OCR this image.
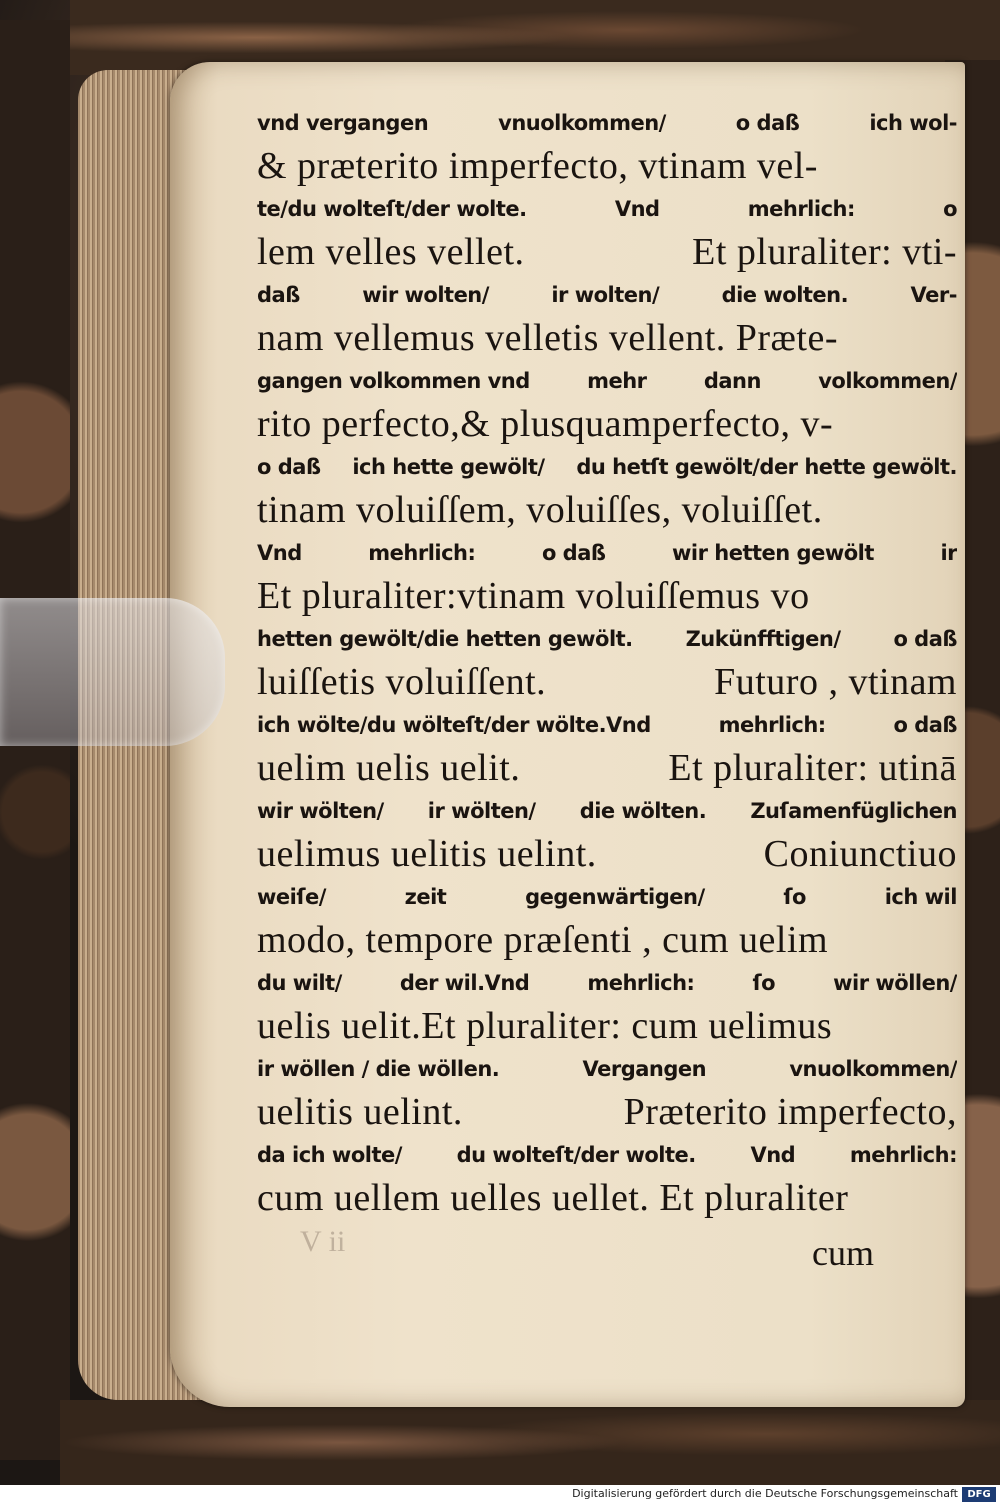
vnd vergangen	vnuolkommen/	o daß	ich wol-
& præterito imperfecto, vtinam vel-
te/du wolteſt/der wolte.	Vnd	mehrlich:	o
lem velles vellet.	Et pluraliter: vti-
daß	wir wolten/	ir wolten/	die wolten.	Ver-
nam vellemus velletis vellent. Præte-
gangen volkommen vnd	mehr	dann	volkommen/
rito perfecto,& plusquamperfecto, v-
o daß ich hette gewölt/ du hetſt gewölt/der hette gewölt.
tinam voluiſſem, voluiſſes, voluiſſet.
Vnd	mehrlich:	o daß	wir hetten gewölt	ir
Et pluraliter:vtinam voluiſſemus vo
hetten gewölt/die hetten gewölt.	Zukünfftigen/	o daß
luiſſetis voluiſſent.	Futuro , vtinam
ich wölte/du wölteſt/der wölte.Vnd	mehrlich:	o daß
uelim uelis uelit.	Et pluraliter: utinā
wir wölten/ ir wölten/ die wölten. Zuſamenfüglichen
uelimus uelitis uelint.	Coniunctiuo
weiſe/	zeit	gegenwärtigen/	ſo	ich wil
modo, tempore præſenti , cum uelim
du wilt/	der wil.Vnd	mehrlich:	ſo	wir wöllen/
uelis uelit.Et pluraliter: cum uelimus
ir wöllen / die wöllen.	Vergangen	vnuolkommen/
uelitis uelint.	Præterito imperfecto,
da ich wolte/	du wolteſt/der wolte.	Vnd	mehrlich:
cum uellem uelles uellet. Et pluraliter
V ii	cum
Digitalisierung gefördert durch die Deutsche Forschungsgemeinschaft DFG
